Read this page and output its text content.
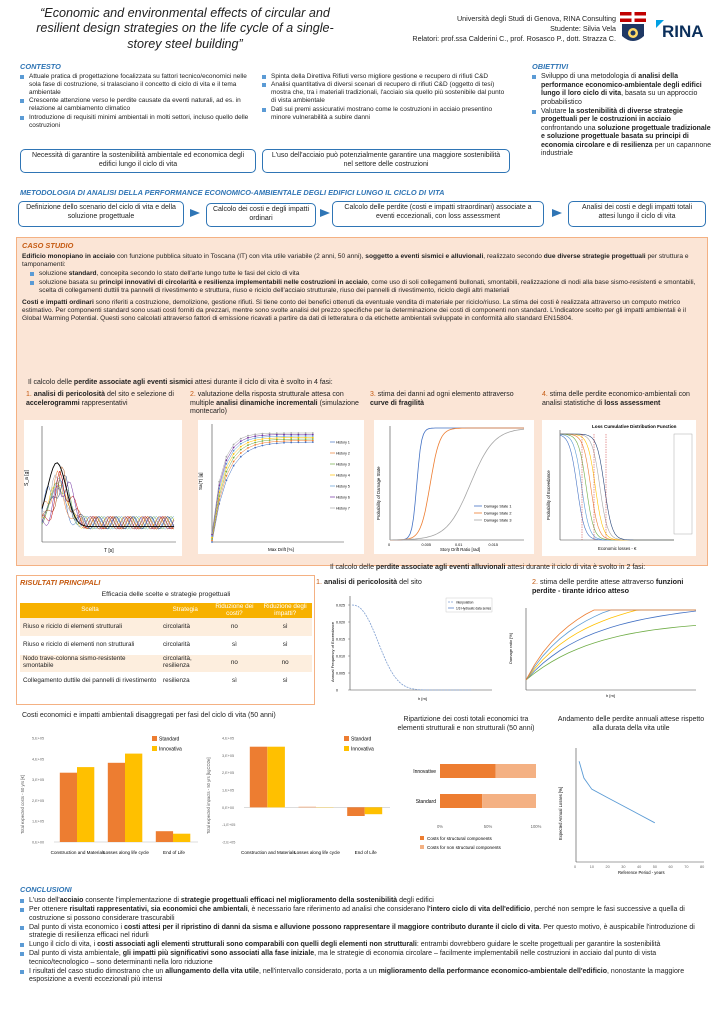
“Economic and environmental effects of circular and resilient design strategies on the life cycle of a single-storey steel building”
Università degli Studi di Genova, RINA Consulting
Studente: Silvia Vela
Relatori: prof.ssa Calderini C., prof. Rosasco P., dott. Strazza C.	RINA
CONTESTO
Attuale pratica di progettazione focalizzata su fattori tecnico/economici nelle sola fase di costruzione, si tralasciano il concetto di ciclo di vita e il tema ambientale
Crescente attenzione verso le perdite causate da eventi naturali, ad es. in relazione al cambiamento climatico
Introduzione di requisiti minimi ambientali in molti settori, incluso quello delle costruzioni
Necessità di garantire la sostenibilità ambientale ed economica degli edifici lungo il ciclo di vita
Spinta della Direttiva Rifiuti verso migliore gestione e recupero di rifiuti C&D
Analisi quantitativa di diversi scenari di recupero di rifiuti C&D (oggetto di tesi) mostra che, tra i materiali tradizionali, l'acciaio sia quello più sostenibile dal punto di vista ambientale
Dati sui premi assicurativi mostrano come le costruzioni in acciaio presentino minore vulnerabilità a subire danni
L'uso dell'acciaio può potenzialmente garantire una maggiore sostenibilità nel settore delle costruzioni
OBIETTIVI
Sviluppo di una metodologia di analisi della performance economico-ambientale degli edifici lungo il loro ciclo di vita, basata su un approccio probabilistico
Valutare la sostenibilità di diverse strategie progettuali per le costruzioni in acciaio confrontando una soluzione progettuale tradizionale e soluzione progettuale basata su principi di economia circolare e di resilienza per un capannone industriale
METODOLOGIA DI ANALISI DELLA PERFORMANCE ECONOMICO-AMBIENTALE DEGLI EDIFICI LUNGO IL CICLO DI VITA
Definizione dello scenario del ciclo di vita e della soluzione progettuale
Calcolo dei costi e degli impatti ordinari
Calcolo delle perdite (costi e impatti straordinari) associate a eventi eccezionali, con loss assessment
Analisi dei costi e degli impatti totali attesi lungo il ciclo di vita
CASO STUDIO
Edificio monopiano in acciaio con funzione pubblica situato in Toscana (IT) con vita utile variabile (2 anni, 50 anni), soggetto a eventi sismici e alluvionali, realizzato secondo due diverse strategie progettuali per struttura e tamponamenti:
soluzione standard, concepita secondo lo stato dell'arte lungo tutte le fasi del ciclo di vita
soluzione basata su principi innovativi di circolarità e resilienza implementabili nelle costruzioni in acciaio, come uso di soli collegamenti bullonati, smontabili, realizzazione di nodi alla base sismo-resistenti e smontabili, scelta di collegamenti duttili tra pannelli di rivestimento e struttura, riuso e riciclo dell'acciaio strutturale, riuso dei pannelli di rivestimento, riciclo degli altri materiali
Costi e impatti ordinari sono riferiti a costruzione, demolizione, gestione rifiuti. Si tiene conto dei benefici ottenuti da eventuale vendita di materiale per riciclo/riuso. La stima dei costi è realizzata attraverso un computo metrico estimativo. Per componenti standard sono usati costi forniti da prezzari, mentre sono svolte analisi del prezzo specifiche per la determinazione dei costi di componenti non standard. L'indicatore scelto per gli impatti ambientali è il Global Warming Potential. Questi sono calcolati attraverso fattori di emissione ricavati a partire da dati di letteratura o da etichette ambientali sviluppate in conformità allo standard EN15804.
Il calcolo delle perdite associate agli eventi sismici attesi durante il ciclo di vita è svolto in 4 fasi:
1. analisi di pericolosità del sito e selezione di accelerogrammi rappresentativi
2. valutazione della risposta strutturale attesa con multiple analisi dinamiche incrementali (simulazione montecarlo)
3. stima dei danni ad ogni elemento attraverso curve di fragilità
4. stima delle perdite economico-ambientali con analisi statistiche di loss assessment
S_a [g]
T [s]
History 1
History 2
History 3
History 4
History 5
History 6
History 7
Sa(T) [g]
Max Drift [%]
Damage State 1
Damage State 2
Damage State 3
0	0.005	0.01	0.015
Probability of Damage State
Story Drift Ratio [rad]
Loss Cumulative Distribution Function
Probability of Exceedance
Economic losses - €
Il calcolo delle perdite associate agli eventi alluvionali attesi durante il ciclo di vita è svolto in 2 fasi:
1. analisi di pericolosità del sito	2. stima delle perdite attese attraverso funzioni perdite - tirante idrico atteso
0
0.005
0.010
0.015
0.020
0.025
interpolation
1/3 Hydraulic data series
Annual Frequency of Exceedance
h [m]
Damage ratio [%]
h [m]
RISULTATI PRINCIPALI
Efficacia delle scelte e strategie progettuali
Scelta	Strategia	Riduzione dei costi?	Riduzione degli impatti?
Riuso e riciclo di elementi strutturali	circolarità	no	sì
Riuso e riciclo di elementi non strutturali	circolarità	sì	sì
Nodo trave-colonna sismo-resistente smontabile	circolarità, resilienza	no	no
Collegamento duttile dei pannelli di rivestimento	resilienza	sì	sì
Costi economici e impatti ambientali disaggregati per fasi del ciclo di vita (50 anni)
0,E+00
1,E+05
2,E+05
3,E+05
4,E+05
5,E+05
Construction and Materials
Losses along life cycle	End of Life
Standard
Innovativa
Total expected costs - 50 yrs [€]
-2,E+05
-1,E+05
0,E+00
1,E+05
2,E+05
3,E+05
4,E+05
Construction and Materials
Losses along life cycle	End of Life
Standard
Innovativa
Total expected impacts - 50 yrs [kgCO2e]
Ripartizione dei costi totali economici tra elementi strutturali e non strutturali (50 anni)
Innovative
Standard
0%	50%	100%
Costs for structural components
Costs for non structural components
Andamento delle perdite annuali attese rispetto alla durata della vita utile
0	10	20	30	40	50	60	70	80
Expected Annual Losses [%]
Reference Period - years
CONCLUSIONI
L'uso dell'acciaio consente l'implementazione di strategie progettuali efficaci nel miglioramento della sostenibilità degli edifici
Per ottenere risultati rappresentativi, sia economici che ambientali, è necessario fare riferimento ad analisi che considerano l'intero ciclo di vita dell'edificio, perché non sempre le fasi successive a quella di costruzione si possono considerare trascurabili
Dal punto di vista economico i costi attesi per il ripristino di danni da sisma e alluvione possono rappresentare il maggiore contributo durante il ciclo di vita. Per questo motivo, è auspicabile l'introduzione di strategie di resilienza efficaci nel ridurli
Lungo il ciclo di vita, i costi associati agli elementi strutturali sono comparabili con quelli degli elementi non strutturali: entrambi dovrebbero guidare le scelte progettuali per garantire la sostenibilità
Dal punto di vista ambientale, gli impatti più significativi sono associati alla fase iniziale, ma le strategie di economia circolare – facilmente implementabili nelle costruzioni in acciaio dal punto di vista tecnico/tecnologico – sono determinanti nella loro riduzione
I risultati del caso studio dimostrano che un allungamento della vita utile, nell'intervallo considerato, porta a un miglioramento della performance economico-ambientale dell'edificio, nonostante la maggiore esposizione a eventi eccezionali più intensi
